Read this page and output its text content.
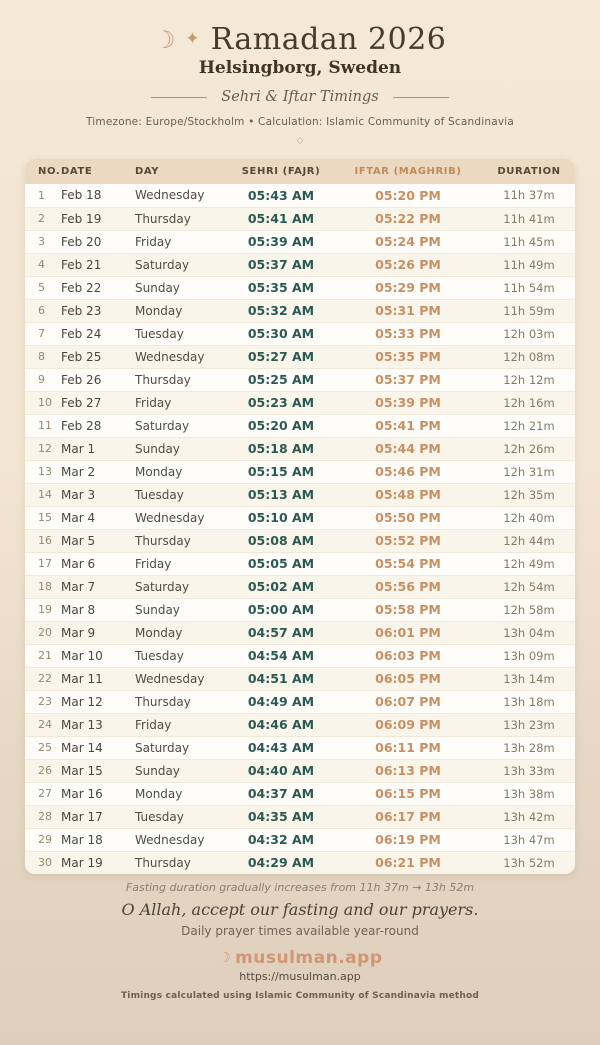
☾ ✦ Ramadan 2026
Helsingborg, Sweden
Sehri & Iftar Timings
Timezone: Europe/Stockholm • Calculation: Islamic Community of Scandinavia
◇
NO.	DATE	DAY	SEHRI (FAJR)	IFTAR (MAGHRIB)	DURATION
1	Feb 18	Wednesday	05:43 AM	05:20 PM	11h 37m
2	Feb 19	Thursday	05:41 AM	05:22 PM	11h 41m
3	Feb 20	Friday	05:39 AM	05:24 PM	11h 45m
4	Feb 21	Saturday	05:37 AM	05:26 PM	11h 49m
5	Feb 22	Sunday	05:35 AM	05:29 PM	11h 54m
6	Feb 23	Monday	05:32 AM	05:31 PM	11h 59m
7	Feb 24	Tuesday	05:30 AM	05:33 PM	12h 03m
8	Feb 25	Wednesday	05:27 AM	05:35 PM	12h 08m
9	Feb 26	Thursday	05:25 AM	05:37 PM	12h 12m
10	Feb 27	Friday	05:23 AM	05:39 PM	12h 16m
11	Feb 28	Saturday	05:20 AM	05:41 PM	12h 21m
12	Mar 1	Sunday	05:18 AM	05:44 PM	12h 26m
13	Mar 2	Monday	05:15 AM	05:46 PM	12h 31m
14	Mar 3	Tuesday	05:13 AM	05:48 PM	12h 35m
15	Mar 4	Wednesday	05:10 AM	05:50 PM	12h 40m
16	Mar 5	Thursday	05:08 AM	05:52 PM	12h 44m
17	Mar 6	Friday	05:05 AM	05:54 PM	12h 49m
18	Mar 7	Saturday	05:02 AM	05:56 PM	12h 54m
19	Mar 8	Sunday	05:00 AM	05:58 PM	12h 58m
20	Mar 9	Monday	04:57 AM	06:01 PM	13h 04m
21	Mar 10	Tuesday	04:54 AM	06:03 PM	13h 09m
22	Mar 11	Wednesday	04:51 AM	06:05 PM	13h 14m
23	Mar 12	Thursday	04:49 AM	06:07 PM	13h 18m
24	Mar 13	Friday	04:46 AM	06:09 PM	13h 23m
25	Mar 14	Saturday	04:43 AM	06:11 PM	13h 28m
26	Mar 15	Sunday	04:40 AM	06:13 PM	13h 33m
27	Mar 16	Monday	04:37 AM	06:15 PM	13h 38m
28	Mar 17	Tuesday	04:35 AM	06:17 PM	13h 42m
29	Mar 18	Wednesday	04:32 AM	06:19 PM	13h 47m
30	Mar 19	Thursday	04:29 AM	06:21 PM	13h 52m
Fasting duration gradually increases from 11h 37m → 13h 52m
O Allah, accept our fasting and our prayers.
Daily prayer times available year-round
☾ musulman.app
https://musulman.app
Timings calculated using Islamic Community of Scandinavia method
